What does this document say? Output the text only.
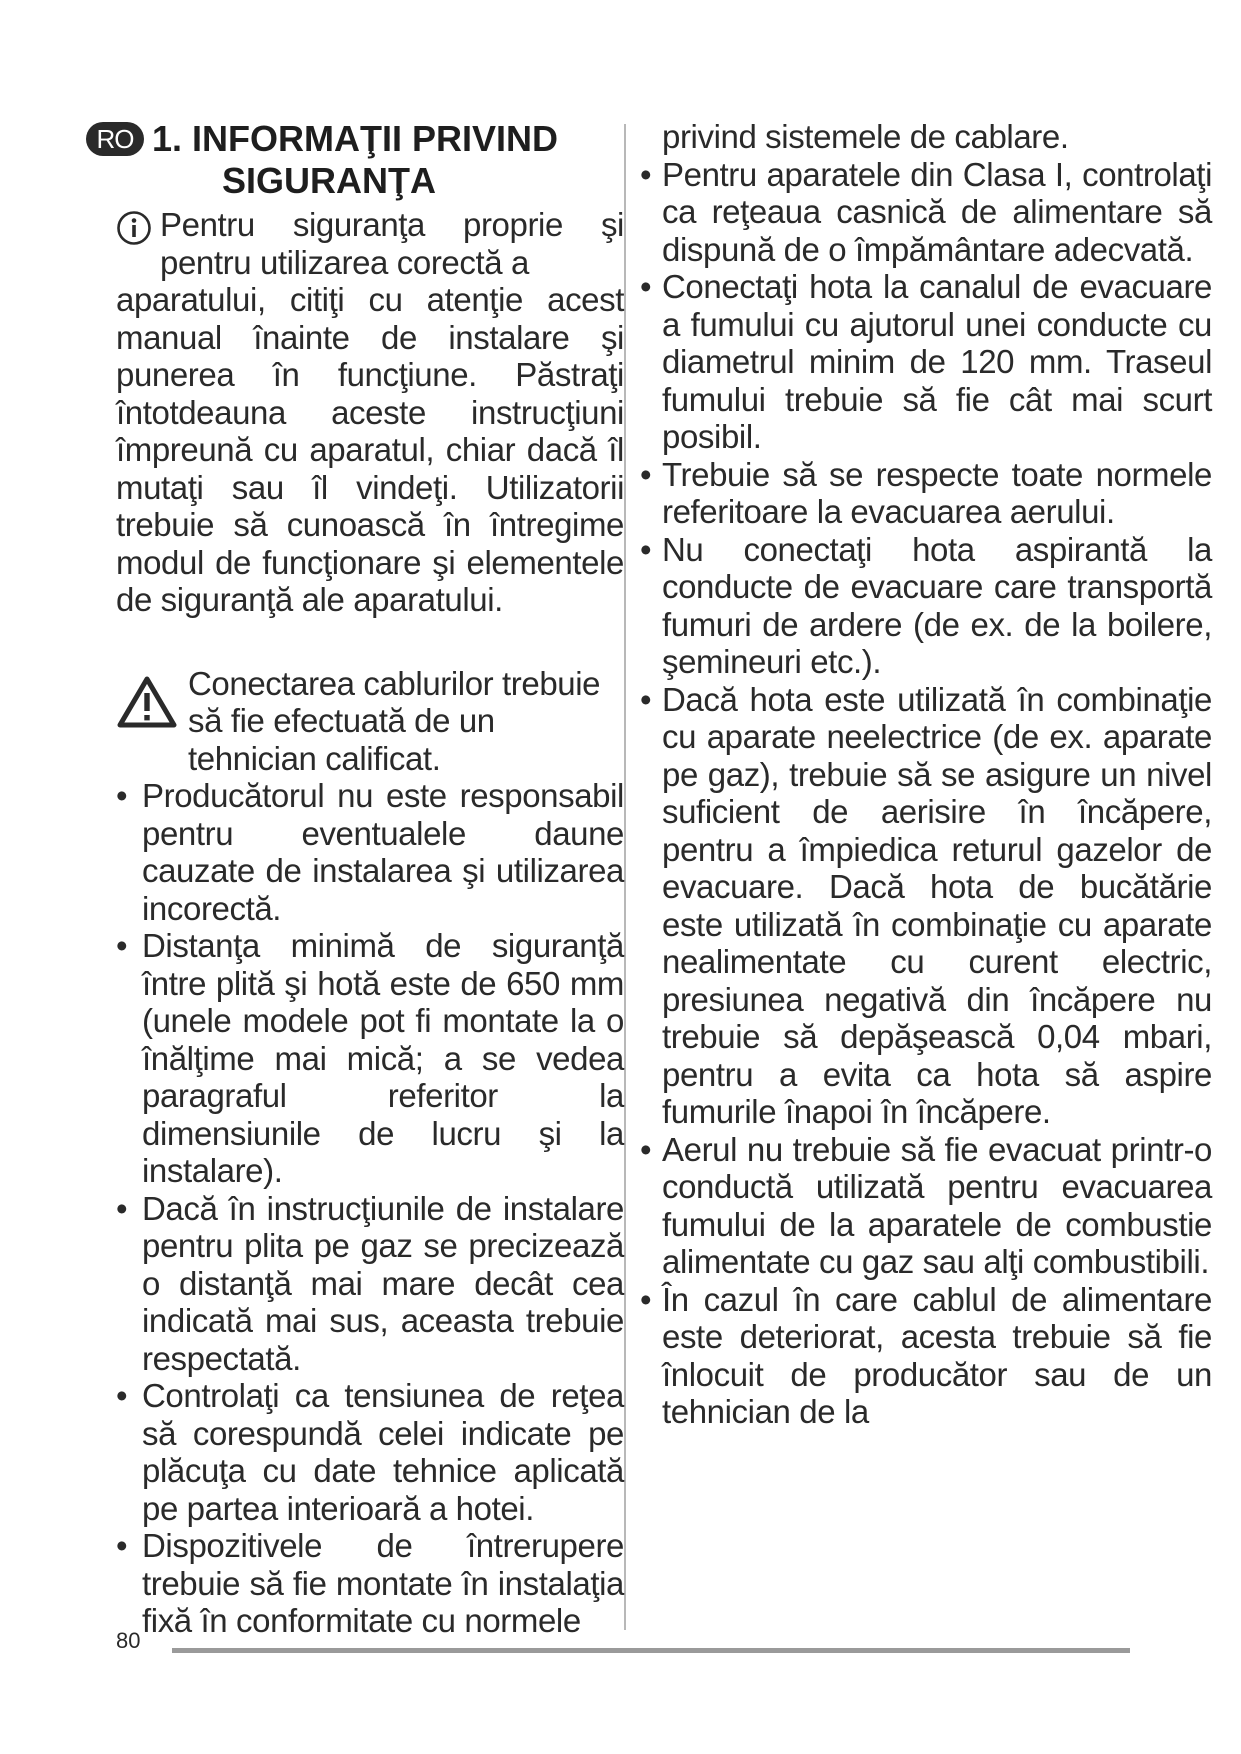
RO 1. INFORMAŢII PRIVIND
SIGURANŢA
Pentru siguranţa proprie şi pentru utilizarea corectă a
aparatului, citiţi cu atenţie acest manual înainte de instalare şi punerea în funcţiune. Păstraţi întotdeauna aceste instrucţiuni împreună cu aparatul, chiar dacă îl mutaţi sau îl vindeţi. Utilizatorii trebuie să cunoască în întregime modul de funcţionare şi elementele de siguranţă ale aparatului.
Conectarea cablurilor trebuie să fie efectuată de un tehnician calificat.
• Producătorul nu este responsabil pentru eventualele daune cauzate de instalarea şi utilizarea incorectă.
• Distanţa minimă de siguranţă între plită şi hotă este de 650 mm (unele modele pot fi montate la o înălţime mai mică; a se vedea paragraful referitor la dimensiunile de lucru şi la instalare).
• Dacă în instrucţiunile de instalare pentru plita pe gaz se precizează o distanţă mai mare decât cea indicată mai sus, aceasta trebuie respectată.
• Controlaţi ca tensiunea de reţea să corespundă celei indicate pe plăcuţa cu date tehnice aplicată pe partea interioară a hotei.
• Dispozitivele de întrerupere trebuie să fie montate în instalaţia fixă în conformitate cu normele
privind sistemele de cablare.
• Pentru aparatele din Clasa I, controlaţi ca reţeaua casnică de alimentare să dispună de o împământare adecvată.
• Conectaţi hota la canalul de evacuare a fumului cu ajutorul unei conducte cu diametrul minim de 120 mm. Traseul fumului trebuie să fie cât mai scurt posibil.
• Trebuie să se respecte toate normele referitoare la evacuarea aerului.
• Nu conectaţi hota aspirantă la conducte de evacuare care transportă fumuri de ardere (de ex. de la boilere, şemineuri etc.).
• Dacă hota este utilizată în combinaţie cu aparate neelectrice (de ex. aparate pe gaz), trebuie să se asigure un nivel suficient de aerisire în încăpere, pentru a împiedica returul gazelor de evacuare. Dacă hota de bucătărie este utilizată în combinaţie cu aparate nealimentate cu curent electric, presiunea negativă din încăpere nu trebuie să depăşească 0,04 mbari, pentru a evita ca hota să aspire fumurile înapoi în încăpere.
• Aerul nu trebuie să fie evacuat printr-o conductă utilizată pentru evacuarea fumului de la aparatele de combustie alimentate cu gaz sau alţi combustibili.
• În cazul în care cablul de alimentare este deteriorat, acesta trebuie să fie înlocuit de producător sau de un tehnician de la
80
